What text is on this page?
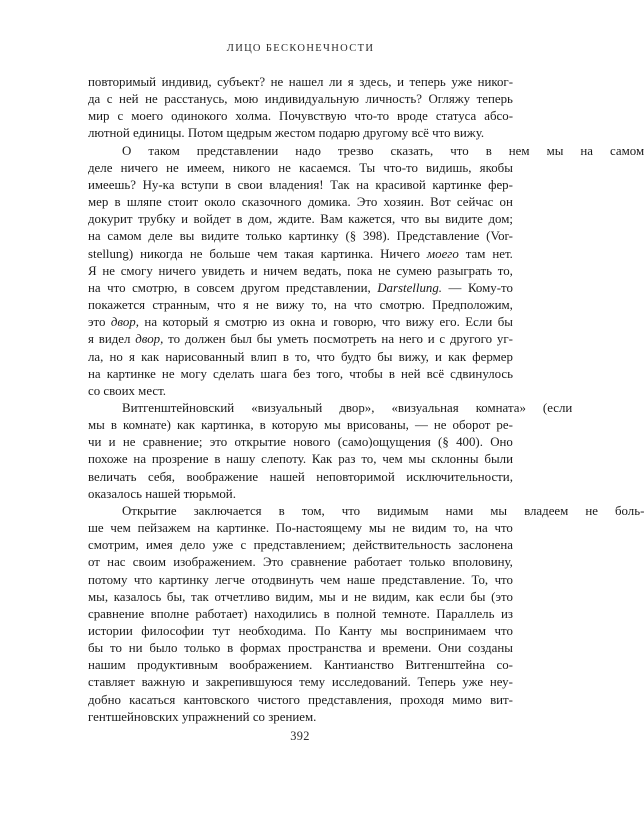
ЛИЦО БЕСКОНЕЧНОСТИ
повторимый индивид, субъект? не нашел ли я здесь, и теперь уже никог-
да с ней не расстанусь, мою индивидуальную личность? Огляжу теперь
мир с моего одинокого холма. Почувствую что-то вроде статуса абсо-
лютной единицы. Потом щедрым жестом подарю другому всё что вижу.
О	таком	представлении	надо	трезво	сказать,	что	в	нем	мы	на	самом
деле ничего не имеем, никого не касаемся. Ты что-то видишь, якобы
имеешь? Ну-ка вступи в свои владения! Так на красивой картинке фер-
мер в шляпе стоит около сказочного домика. Это хозяин. Вот сейчас он
докурит трубку и войдет в дом, ждите. Вам кажется, что вы видите дом;
на самом деле вы видите только картинку (§ 398). Представление (Vor-
stellung) никогда не больше чем такая картинка. Ничего моего там нет.
Я не смогу ничего увидеть и ничем ведать, пока не сумею разыграть то,
на что смотрю, в совсем другом представлении, Darstellung. — Кому-то
покажется странным, что я не вижу то, на что смотрю. Предположим,
это двор, на который я смотрю из окна и говорю, что вижу его. Если бы
я видел двор, то должен был бы уметь посмотреть на него и с другого уг-
ла, но я как нарисованный влип в то, что будто бы вижу, и как фермер
на картинке не могу сделать шага без того, чтобы в ней всё сдвинулось
со своих мест.
Витгенштейновский	«визуальный	двор»,	«визуальная	комната»	(если
мы в комнате) как картинка, в которую мы врисованы, — не оборот ре-
чи и не сравнение; это открытие нового (само)ощущения (§ 400). Оно
похоже на прозрение в нашу слепоту. Как раз то, чем мы склонны были
величать себя, воображение нашей неповторимой исключительности,
оказалось нашей тюрьмой.
Открытие	заключается	в	том,	что	видимым	нами	мы	владеем	не	боль-
ше чем пейзажем на картинке. По-настоящему мы не видим то, на что
смотрим, имея дело уже с представлением; действительность заслонена
от нас своим изображением. Это сравнение работает только вполовину,
потому что картинку легче отодвинуть чем наше представление. То, что
мы, казалось бы, так отчетливо видим, мы и не видим, как если бы (это
сравнение вполне работает) находились в полной темноте. Параллель из
истории философии тут необходима. По Канту мы воспринимаем что
бы то ни было только в формах пространства и времени. Они созданы
нашим продуктивным воображением. Кантианство Витгенштейна со-
ставляет важную и закрепившуюся тему исследований. Теперь уже неу-
добно касаться кантовского чистого представления, проходя мимо вит-
гентшейновских упражнений со зрением.
392
